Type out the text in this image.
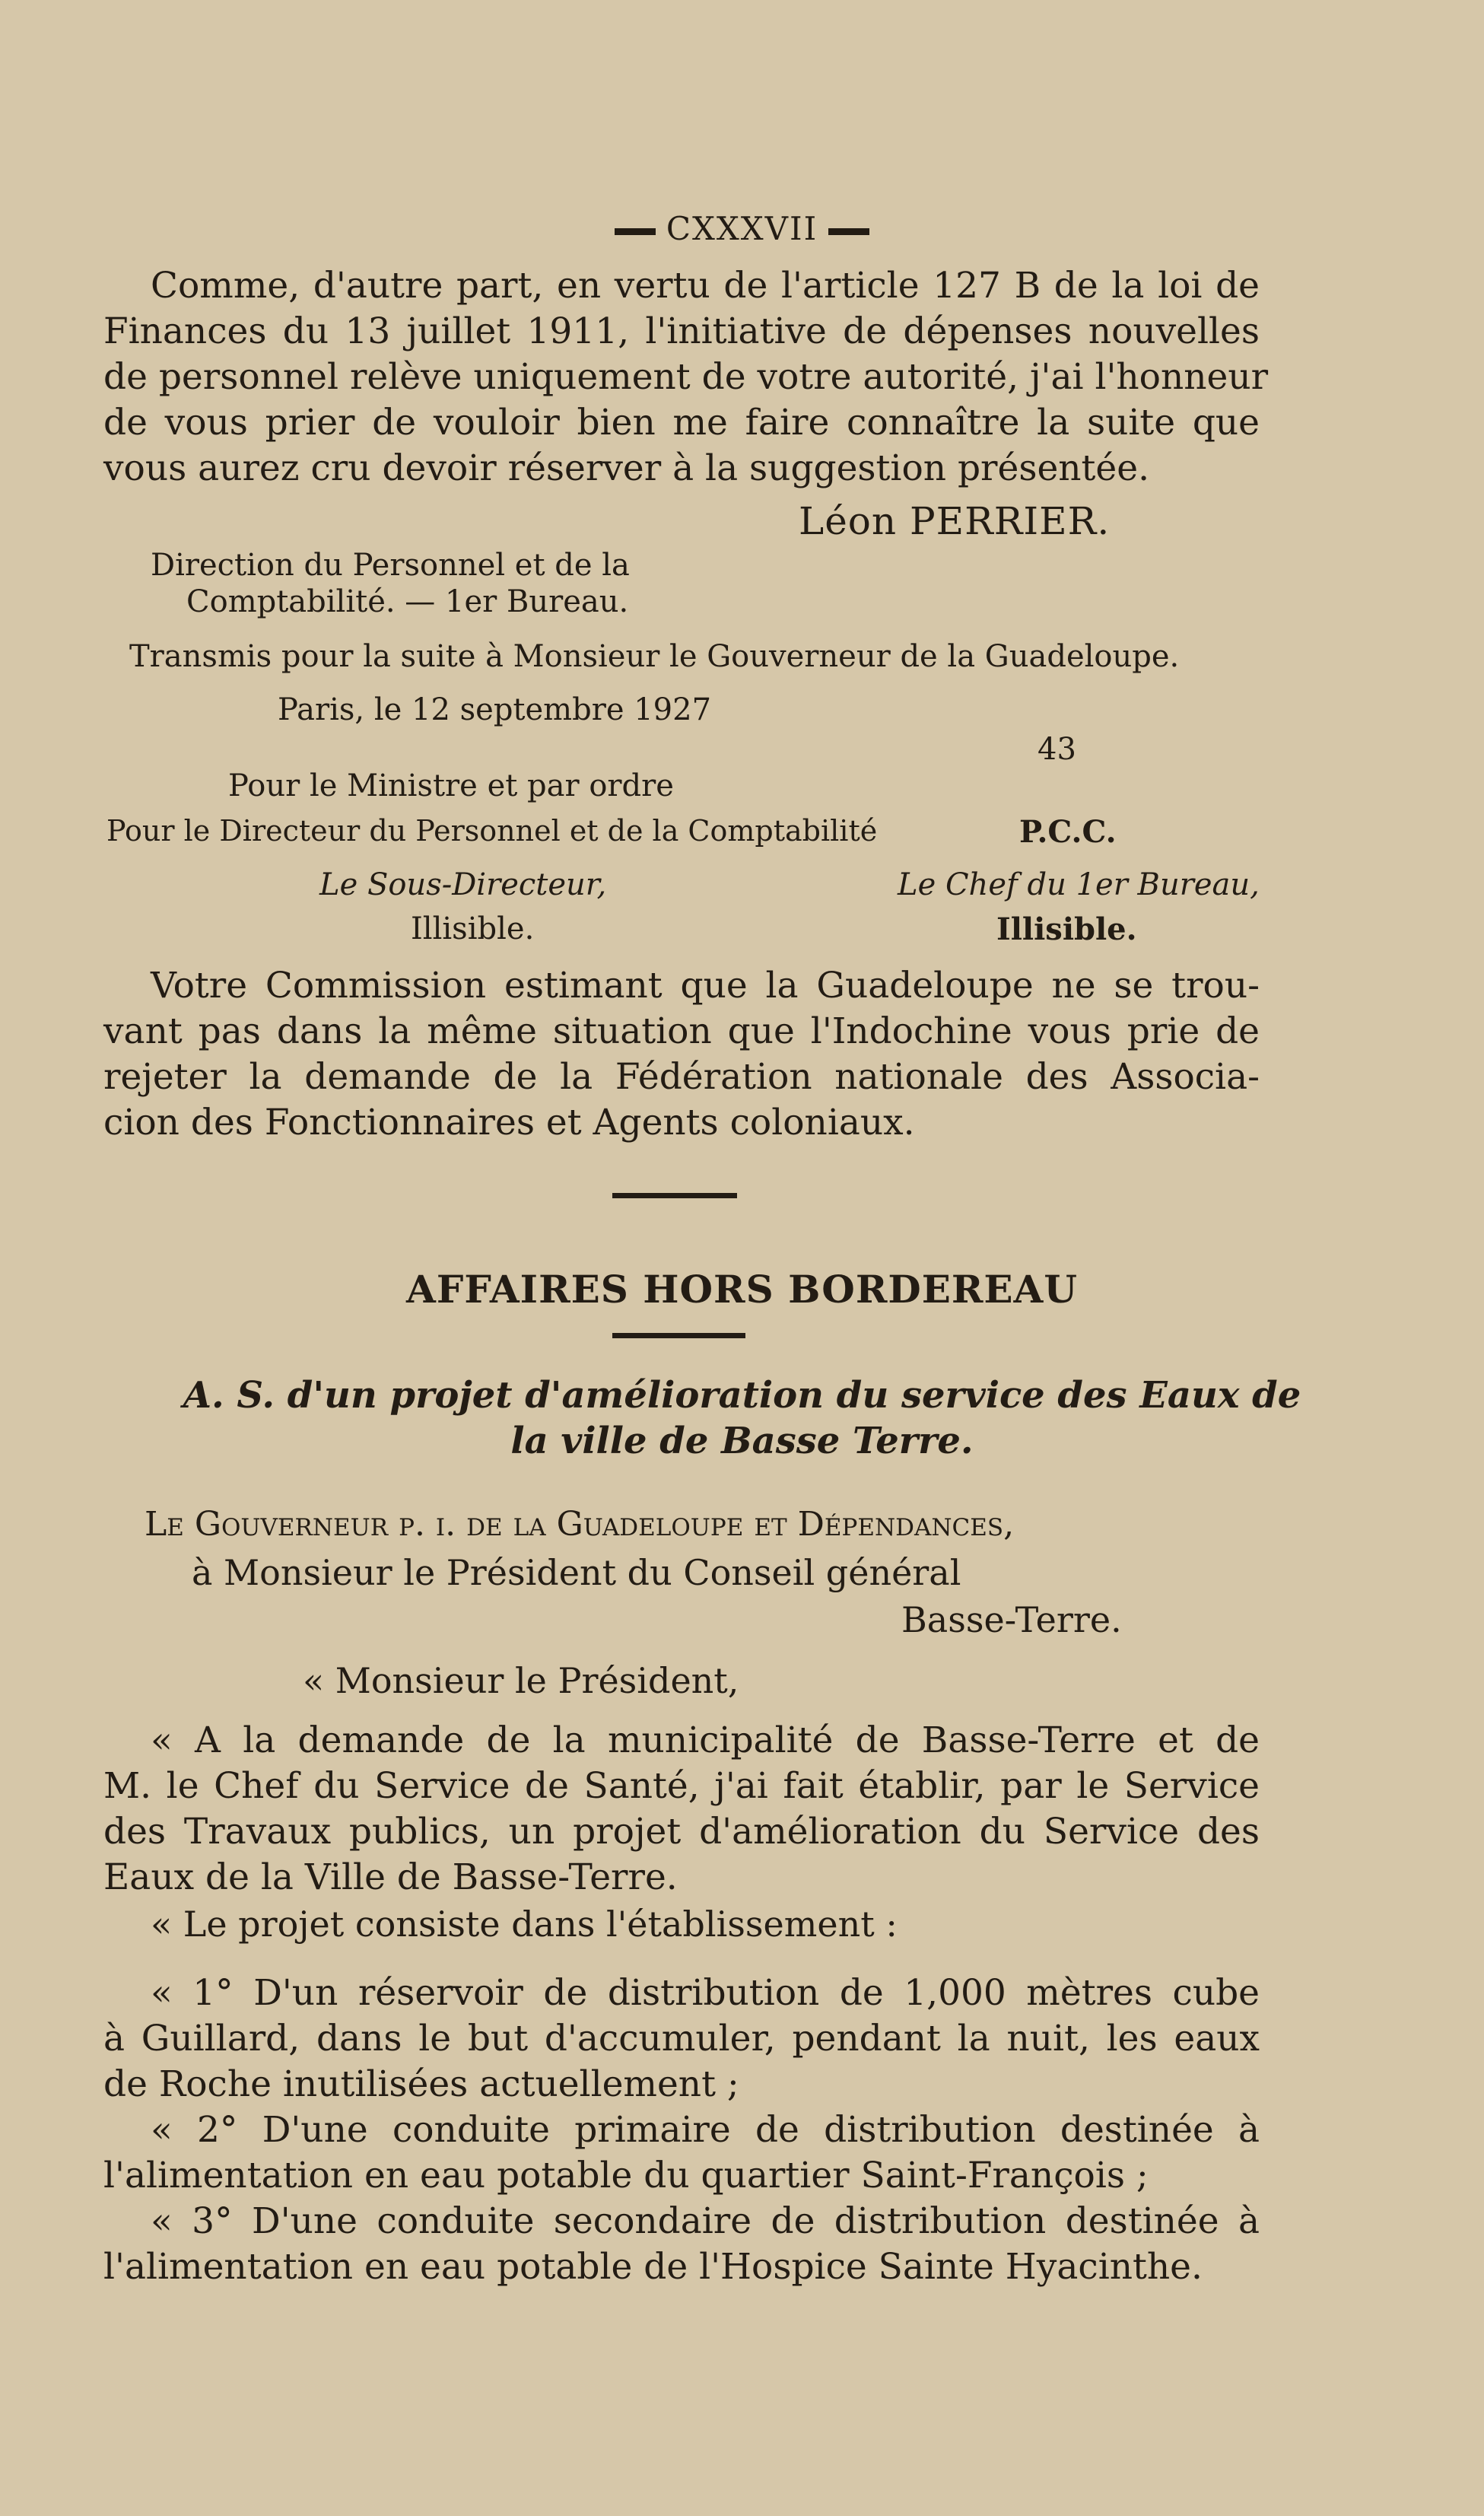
CXXXVII
Comme, d'autre part, en vertu de l'article 127 B de la loi de
Finances du 13 juillet 1911, l'initiative de dépenses nouvelles
de personnel relève uniquement de votre autorité, j'ai l'honneur
de vous prier de vouloir bien me faire connaître la suite que
vous aurez cru devoir réserver à la suggestion présentée.
Léon PERRIER.
Direction du Personnel et de la
Comptabilité. — 1er Bureau.
Transmis pour la suite à Monsieur le Gouverneur de la Guadeloupe.
Paris, le 12 septembre 1927
43
Pour le Ministre et par ordre
Pour le Directeur du Personnel et de la Comptabilité	P.C.C.
Le Sous-Directeur,	Le Chef du 1er Bureau,
Illisible.	Illisible.
Votre Commission estimant que la Guadeloupe ne se trou-
vant pas dans la même situation que l'Indochine vous prie de
rejeter la demande de la Fédération nationale des Associa-
cion des Fonctionnaires et Agents coloniaux.
AFFAIRES HORS BORDEREAU
A. S. d'un projet d'amélioration du service des Eaux de
la ville de Basse Terre.
Le Gouverneur p. i. de la Guadeloupe et Dépendances,
à Monsieur le Président du Conseil général
Basse-Terre.
« Monsieur le Président,
« A la demande de la municipalité de Basse-Terre et de
M. le Chef du Service de Santé, j'ai fait établir, par le Service
des Travaux publics, un projet d'amélioration du Service des
Eaux de la Ville de Basse-Terre.
« Le projet consiste dans l'établissement :
« 1° D'un réservoir de distribution de 1,000 mètres cube
à Guillard, dans le but d'accumuler, pendant la nuit, les eaux
de Roche inutilisées actuellement ;
« 2° D'une conduite primaire de distribution destinée à
l'alimentation en eau potable du quartier Saint-François ;
« 3° D'une conduite secondaire de distribution destinée à
l'alimentation en eau potable de l'Hospice Sainte Hyacinthe.
